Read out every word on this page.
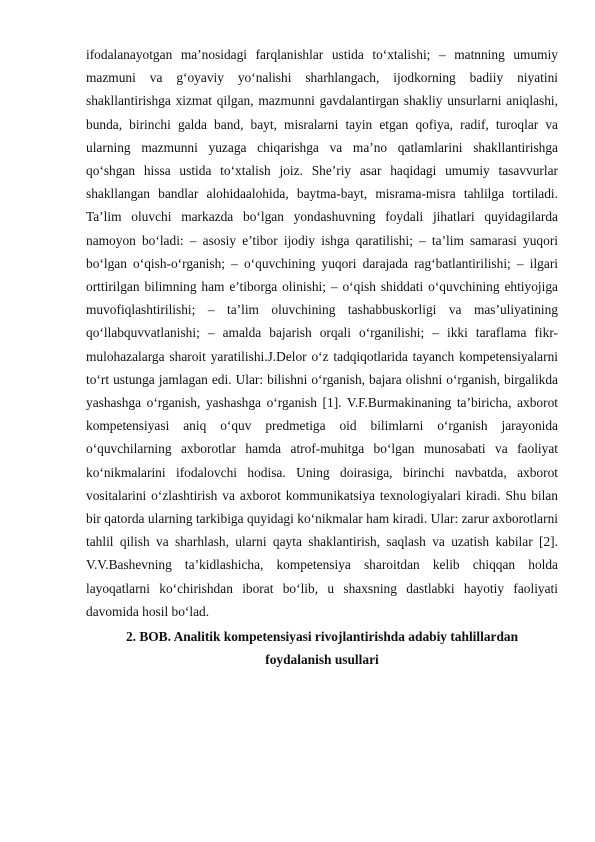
ifodalanayotgan ma’nosidagi farqlanishlar ustida to‘xtalishi; – matnning umumiy mazmuni va g‘oyaviy yo‘nalishi sharhlangach, ijodkorning badiiy niyatini shakllantirishga xizmat qilgan, mazmunni gavdalantirgan shakliy unsurlarni aniqlashi, bunda, birinchi galda band, bayt, misralarni tayin etgan qofiya, radif, turoqlar va ularning mazmunni yuzaga chiqarishga va ma’no qatlamlarini shakllantirishga qo‘shgan hissa ustida to‘xtalish joiz. She’riy asar haqidagi umumiy tasavvurlar shakllangan bandlar alohidaalohida, baytma-bayt, misrama-misra tahlilga tortiladi. Ta’lim oluvchi markazda bo‘lgan yondashuvning foydali jihatlari quyidagilarda namoyon bo‘ladi: – asosiy e’tibor ijodiy ishga qaratilishi; – ta’lim samarasi yuqori bo‘lgan o‘qish-o‘rganish; – o‘quvchining yuqori darajada rag‘batlantirilishi; – ilgari orttirilgan bilimning ham e’tiborga olinishi; – o‘qish shiddati o‘quvchining ehtiyojiga muvofiqlashtirilishi; – ta’lim oluvchining tashabbuskorligi va mas’uliyatining qo‘llabquvvatlanishi; – amalda bajarish orqali o‘rganilishi; – ikki taraflama fikr-mulohazalarga sharoit yaratilishi.J.Delor o‘z tadqiqotlarida tayanch kompetensiyalarni to‘rt ustunga jamlagan edi. Ular: bilishni o‘rganish, bajara olishni o‘rganish, birgalikda yashashga o‘rganish, yashashga o‘rganish [1]. V.F.Burmakinaning ta’biricha, axborot kompetensiyasi aniq o‘quv predmetiga oid bilimlarni o‘rganish jarayonida o‘quvchilarning axborotlar hamda atrof-muhitga bo‘lgan munosabati va faoliyat ko‘nikmalarini ifodalovchi hodisa. Uning doirasiga, birinchi navbatda, axborot vositalarini o‘zlashtirish va axborot kommunikatsiya texnologiyalari kiradi. Shu bilan bir qatorda ularning tarkibiga quyidagi ko‘nikmalar ham kiradi. Ular: zarur axborotlarni tahlil qilish va sharhlash, ularni qayta shaklantirish, saqlash va uzatish kabilar [2]. V.V.Bashevning ta’kidlashicha, kompetensiya sharoitdan kelib chiqqan holda layoqatlarni ko‘chirishdan iborat bo‘lib, u shaxsning dastlabki hayotiy faoliyati davomida hosil bo‘lad.

2. BOB. Analitik kompetensiyasi rivojlantirishda adabiy tahlillardan
foydalanish usullari
